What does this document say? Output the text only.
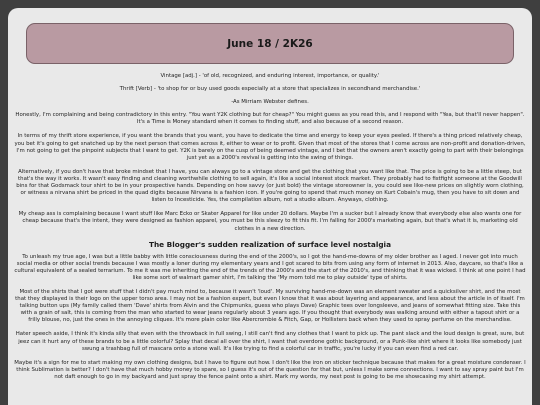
June 18 / 2K26

Vintage [adj.] - 'of old, recognized, and enduring interest, importance, or quality.'

Thrift [Verb] - 'to shop for or buy used goods especially at a store that specializes in secondhand merchandise.'

-As Mirriam Webster defines.

Honestly, I'm complaining and being contradictory in this entry. "You want Y2K clothing but for cheap?" You might guess as you read this, and I respond with "Yea, but that'll never happen". It's a Time is Money standard when it comes to finding stuff, and also because of a second reason.

In terms of my thrift store experience, if you want the brands that you want, you have to dedicate the time and energy to keep your eyes peeled. If there's a thing priced relatively cheap, you bet it's going to get snatched up by the next person that comes across it, either to wear or to profit. Given that most of the stores that I come across are non-profit and donation-driven, I'm not going to get the pinpoint subjects that I want to get. Y2K is barely on the cusp of being deemed vintage, and I bet that the owners aren't exactly going to part with their belongings just yet as a 2000's revival is getting into the swing of things.

Alternatively, if you don't have that broke mindset that I have, you can always go to a vintage store and get the clothing that you want like that. The price is going to be a little steep, but that's the way it works. It wasn't easy finding and cleaning worthwhile clothing to sell again, it's like a social interest stock market. They probably had to fistfight someone at the Goodwill bins for that Godsmack tour shirt to be in your prospective hands. Depending on how savvy (or just bold) the vintage storeowner is, you could see like-new prices on slightly worn clothing, or witness a nirvana shirt be priced in the quad digits because Nirvana is a fashion icon. If you're going to spend that much money on Kurt Cobain's mug, then you have to sit down and listen to Incesticide. Yes, the compilation album, not a studio album. Anyways, clothing.

My cheap ass is complaining because I want stuff like Marc Ecko or Skater Apparel for like under 20 dollars. Maybe I'm a sucker but I already know that everybody else also wants one for cheap because that's the intent, they were designed as fashion apparel, you must be this sleezy to fit this fit. I'm falling for 2000's marketing again, but that's what it is, marketing old clothes in a new direction.

The Blogger's sudden realization of surface level nostalgia

To unleash my true age, I was but a little babby with little consciousness during the end of the 2000's, so I got the hand-me-downs of my older brother as I aged. I never got into much social media or other social trends because I was mostly a loner during my elementary years and I got scared to bits from using any form of internet in 2013. Also, daycare, so that's like a cultural equivalent of a sealed terrarium. To me it was me inheriting the end of the trends of the 2000's and the start of the 2010's, and thinking that it was wicked. I think at one point I had like some sort of walmart gamer shirt, I'm talking the 'My mom told me to play outside' type of shirts.

Most of the shirts that I got were stuff that I didn't pay much mind to, because it wasn't 'loud'. My surviving hand-me-down was an element sweater and a quicksilver shirt, and the most that they displayed is their logo on the upper torso area. I may not be a fashion expert, but even I know that it was about layering and appearance, and less about the article in of itself. I'm talking button ups (My family called them 'Dave' shirts from Alvin and the Chipmunks, guess who plays Dave) Graphic tees over longsleeve, and jeans of somewhat fitting size. Take this with a grain of salt, this is coming from the man who started to wear jeans regularly about 3 years ago. If you thought that everybody was walking around with either a tapout shirt or a frilly blouse, no, just the ones in the annoying cliques. It's more plain color like Abercrombie & Fitch, Gap, or Hollisters back when they used to spray perfume on the merchandise.

Hater speech aside, I think it's kinda silly that even with the throwback in full swing, I still can't find any clothes that I want to pick up. The pant slack and the loud design is great, sure, but jeez can it hurt any of these brands to be a little colorful? Splay that decal all over the shirt, I want that overdone gothic background, or a Punk-like shirt where it looks like somebody just swung a trashbag full of mascara onto a stone wall. It's like trying to find a colorful car in traffic, you're lucky if you can even find a red car.

Maybe it's a sign for me to start making my own clothing designs, but I have to figure out how. I don't like the iron on sticker technique because that makes for a great moisture condenser. I think Sublimation is better? I don't have that much hobby money to spare, so I guess it's out of the question for that but, unless I make some connections. I want to say spray paint but I'm not daft enough to go in my backyard and just spray the fence paint onto a shirt. Mark my words, my next post is going to be me showcasing my shirt attempt.
